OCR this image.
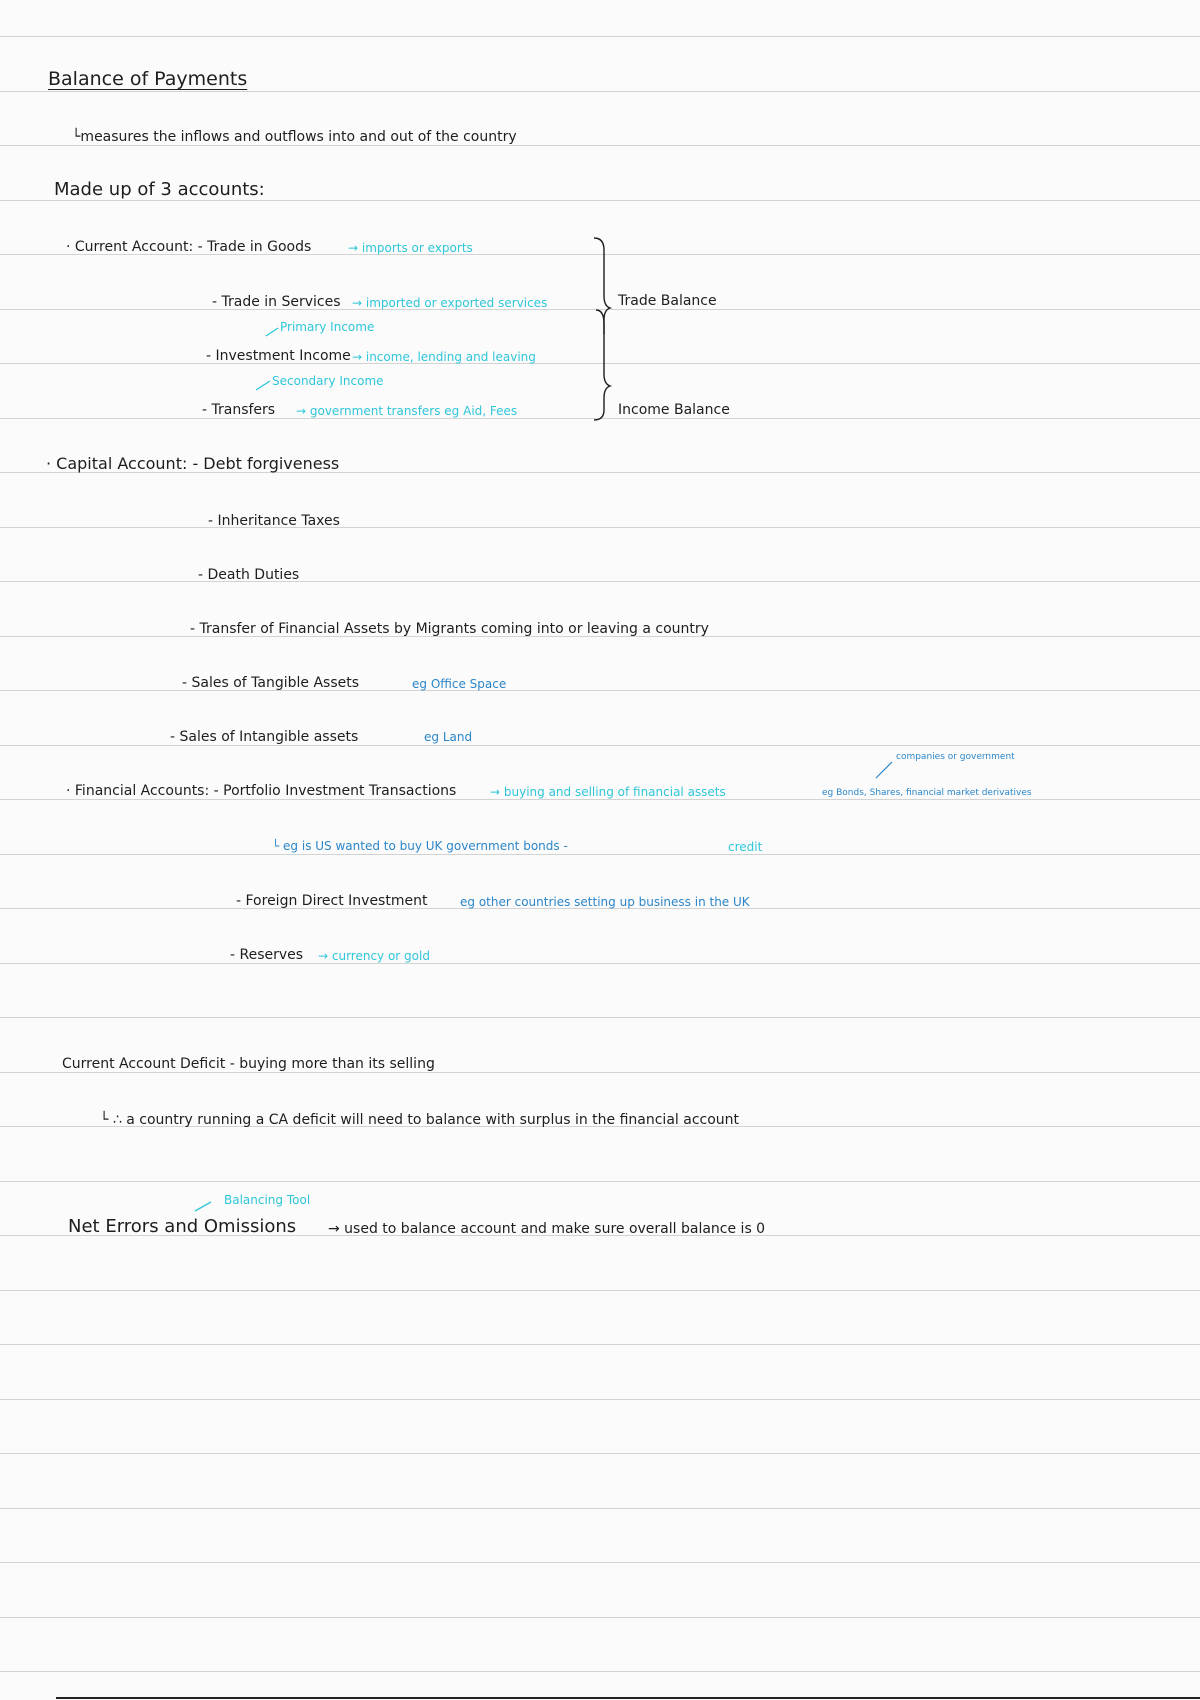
Balance of Payments
└measures the inflows and outflows into and out of the country
Made up of 3 accounts:
· Current Account: - Trade in Goods	→ imports or exports
- Trade in Services → imported or exported services
Primary Income
- Investment Income → income, lending and leaving
Secondary Income
- Transfers → government transfers eg Aid, Fees
Trade Balance
Income Balance
· Capital Account: - Debt forgiveness
- Inheritance Taxes
- Death Duties
- Transfer of Financial Assets by Migrants coming into or leaving a country
- Sales of Tangible Assets	eg Office Space
- Sales of Intangible assets	eg Land
companies or government
· Financial Accounts: - Portfolio Investment Transactions	→ buying and selling of financial assets	eg Bonds, Shares, financial market derivatives
└ eg is US wanted to buy UK government bonds -	credit
- Foreign Direct Investment	eg other countries setting up business in the UK
- Reserves → currency or gold
Current Account Deficit - buying more than its selling
└ ∴ a country running a CA deficit will need to balance with surplus in the financial account
Balancing Tool
Net Errors and Omissions → used to balance account and make sure overall balance is 0
